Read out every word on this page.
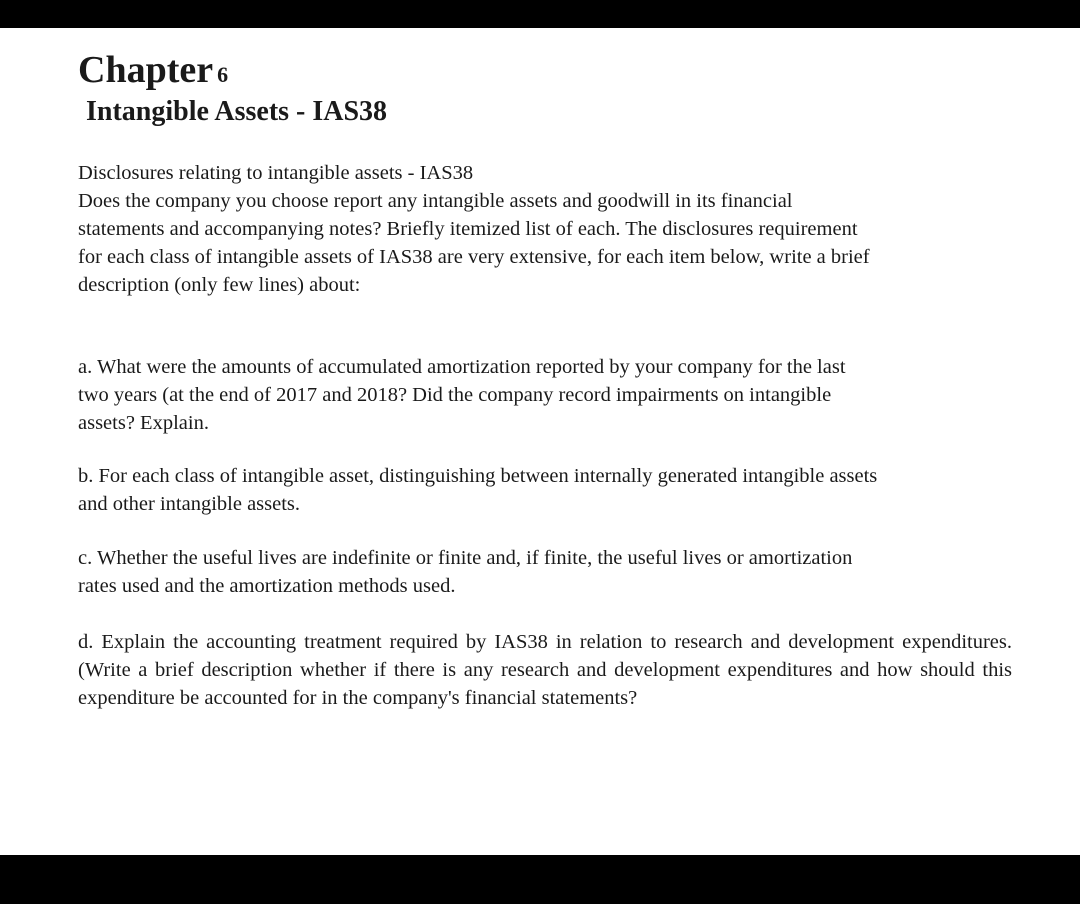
Chapter 6
Intangible Assets - IAS38

Disclosures relating to intangible assets - IAS38
Does the company you choose report any intangible assets and goodwill in its financial
statements and accompanying notes? Briefly itemized list of each. The disclosures requirement
for each class of intangible assets of IAS38 are very extensive, for each item below, write a brief
description (only few lines) about:

a. What were the amounts of accumulated amortization reported by your company for the last
two years (at the end of 2017 and 2018? Did the company record impairments on intangible
assets? Explain.

b. For each class of intangible asset, distinguishing between internally generated intangible assets
and other intangible assets.

c. Whether the useful lives are indefinite or finite and, if finite, the useful lives or amortization
rates used and the amortization methods used.

d. Explain the accounting treatment required by IAS38 in relation to research and development expenditures. (Write a brief description whether if there is any research and development expenditures and how should this expenditure be accounted for in the company's financial statements?
